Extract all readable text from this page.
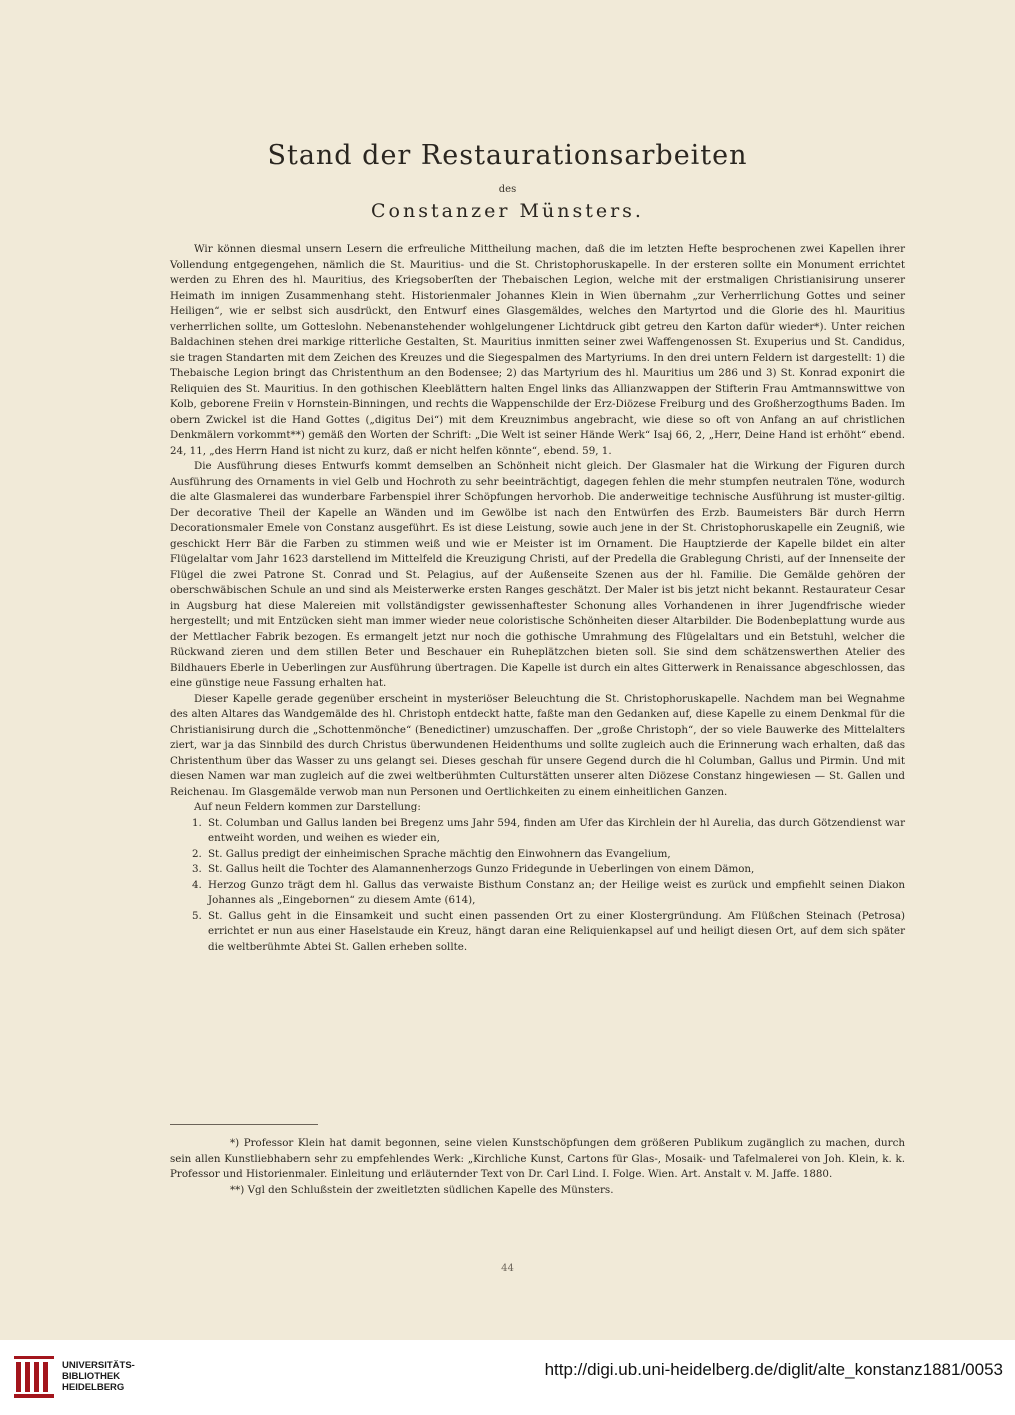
Stand der Restaurationsarbeiten
des
Constanzer Münsters.

Wir können diesmal unsern Lesern die erfreuliche Mittheilung machen, daß die im letzten Hefte besprochenen zwei Kapellen ihrer Vollendung entgegengehen, nämlich die St. Mauritius- und die St. Christophoruskapelle. In der ersteren sollte ein Monument errichtet werden zu Ehren des hl. Mauritius, des Kriegsoberſten der Thebaischen Legion, welche mit der erstmaligen Christianisirung unserer Heimath im innigen Zusammenhang steht. Historienmaler Johannes Klein in Wien übernahm „zur Verherrlichung Gottes und seiner Heiligen“, wie er selbst sich ausdrückt, den Entwurf eines Glasgemäldes, welches den Martyrtod und die Glorie des hl. Mauritius verherrlichen sollte, um Gotteslohn. Nebenanstehender wohlgelungener Lichtdruck gibt getreu den Karton dafür wieder*). Unter reichen Baldachinen stehen drei markige ritterliche Gestalten, St. Mauritius inmitten seiner zwei Waffengenossen St. Exuperius und St. Candidus, sie tragen Standarten mit dem Zeichen des Kreuzes und die Siegespalmen des Martyriums. In den drei untern Feldern ist dargestellt: 1) die Thebaische Legion bringt das Christenthum an den Bodensee; 2) das Martyrium des hl. Mauritius um 286 und 3) St. Konrad exponirt die Reliquien des St. Mauritius. In den gothischen Kleeblättern halten Engel links das Allianzwappen der Stifterin Frau Amtmannswittwe von Kolb, geborene Freiin v Hornstein-Binningen, und rechts die Wappenschilde der Erz-Diözese Freiburg und des Großherzogthums Baden. Im obern Zwickel ist die Hand Gottes („digitus Dei“) mit dem Kreuznimbus angebracht, wie diese so oft von Anfang an auf christlichen Denkmälern vorkommt**) gemäß den Worten der Schrift: „Die Welt ist seiner Hände Werk“ Isaj 66, 2, „Herr, Deine Hand ist erhöht“ ebend. 24, 11, „des Herrn Hand ist nicht zu kurz, daß er nicht helfen könnte“, ebend. 59, 1.

Die Ausführung dieses Entwurfs kommt demselben an Schönheit nicht gleich. Der Glasmaler hat die Wirkung der Figuren durch Ausführung des Ornaments in viel Gelb und Hochroth zu sehr beeinträchtigt, dagegen fehlen die mehr stumpfen neutralen Töne, wodurch die alte Glasmalerei das wunderbare Farbenspiel ihrer Schöpfungen hervorhob. Die anderweitige technische Ausführung ist muster-giltig. Der decorative Theil der Kapelle an Wänden und im Gewölbe ist nach den Entwürfen des Erzb. Baumeisters Bär durch Herrn Decorationsmaler Emele von Constanz ausgeführt. Es ist diese Leistung, sowie auch jene in der St. Christophoruskapelle ein Zeugniß, wie geschickt Herr Bär die Farben zu stimmen weiß und wie er Meister ist im Ornament. Die Hauptzierde der Kapelle bildet ein alter Flügelaltar vom Jahr 1623 darstellend im Mittelfeld die Kreuzigung Christi, auf der Predella die Grablegung Christi, auf der Innenseite der Flügel die zwei Patrone St. Conrad und St. Pelagius, auf der Außenseite Szenen aus der hl. Familie. Die Gemälde gehören der oberschwäbischen Schule an und sind als Meisterwerke ersten Ranges geschätzt. Der Maler ist bis jetzt nicht bekannt. Restaurateur Cesar in Augsburg hat diese Malereien mit vollständigster gewissenhaftester Schonung alles Vorhandenen in ihrer Jugendfrische wieder hergestellt; und mit Entzücken sieht man immer wieder neue coloristische Schönheiten dieser Altarbilder. Die Bodenbeplattung wurde aus der Mettlacher Fabrik bezogen. Es ermangelt jetzt nur noch die gothische Umrahmung des Flügelaltars und ein Betstuhl, welcher die Rückwand zieren und dem stillen Beter und Beschauer ein Ruheplätzchen bieten soll. Sie sind dem schätzenswerthen Atelier des Bildhauers Eberle in Ueberlingen zur Ausführung übertragen. Die Kapelle ist durch ein altes Gitterwerk in Renaissance abgeschlossen, das eine günstige neue Fassung erhalten hat.

Dieser Kapelle gerade gegenüber erscheint in mysteriöser Beleuchtung die St. Christophoruskapelle. Nachdem man bei Wegnahme des alten Altares das Wandgemälde des hl. Christoph entdeckt hatte, faßte man den Gedanken auf, diese Kapelle zu einem Denkmal für die Christianisirung durch die „Schottenmönche“ (Benedictiner) umzuschaffen. Der „große Christoph“, der so viele Bauwerke des Mittelalters ziert, war ja das Sinnbild des durch Christus überwundenen Heidenthums und sollte zugleich auch die Erinnerung wach erhalten, daß das Christenthum über das Wasser zu uns gelangt sei. Dieses geschah für unsere Gegend durch die hl Columban, Gallus und Pirmin. Und mit diesen Namen war man zugleich auf die zwei weltberühmten Culturstätten unserer alten Diözese Constanz hingewiesen — St. Gallen und Reichenau. Im Glasgemälde verwob man nun Personen und Oertlichkeiten zu einem einheitlichen Ganzen.

Auf neun Feldern kommen zur Darstellung:

1. St. Columban und Gallus landen bei Bregenz ums Jahr 594, finden am Ufer das Kirchlein der hl Aurelia, das durch Götzendienst war entweiht worden, und weihen es wieder ein,
2. St. Gallus predigt der einheimischen Sprache mächtig den Einwohnern das Evangelium,
3. St. Gallus heilt die Tochter des Alamannenherzogs Gunzo Fridegunde in Ueberlingen von einem Dämon,
4. Herzog Gunzo trägt dem hl. Gallus das verwaiste Bisthum Constanz an; der Heilige weist es zurück und empfiehlt seinen Diakon Johannes als „Eingebornen“ zu diesem Amte (614),
5. St. Gallus geht in die Einsamkeit und sucht einen passenden Ort zu einer Klostergründung. Am Flüßchen Steinach (Petrosa) errichtet er nun aus einer Haselstaude ein Kreuz, hängt daran eine Reliquienkapsel auf und heiligt diesen Ort, auf dem sich später die weltberühmte Abtei St. Gallen erheben sollte.

*) Professor Klein hat damit begonnen, seine vielen Kunstschöpfungen dem größeren Publikum zugänglich zu machen, durch sein allen Kunstliebhabern sehr zu empfehlendes Werk: „Kirchliche Kunst, Cartons für Glas-, Mosaik- und Tafelmalerei von Joh. Klein, k. k. Professor und Historienmaler. Einleitung und erläuternder Text von Dr. Carl Lind. I. Folge. Wien. Art. Anstalt v. M. Jaffe. 1880.

**) Vgl den Schlußstein der zweitletzten südlichen Kapelle des Münsters.

44
UNIVERSITÄTS-
BIBLIOTHEK
HEIDELBERG
http://digi.ub.uni-heidelberg.de/diglit/alte_konstanz1881/0053
